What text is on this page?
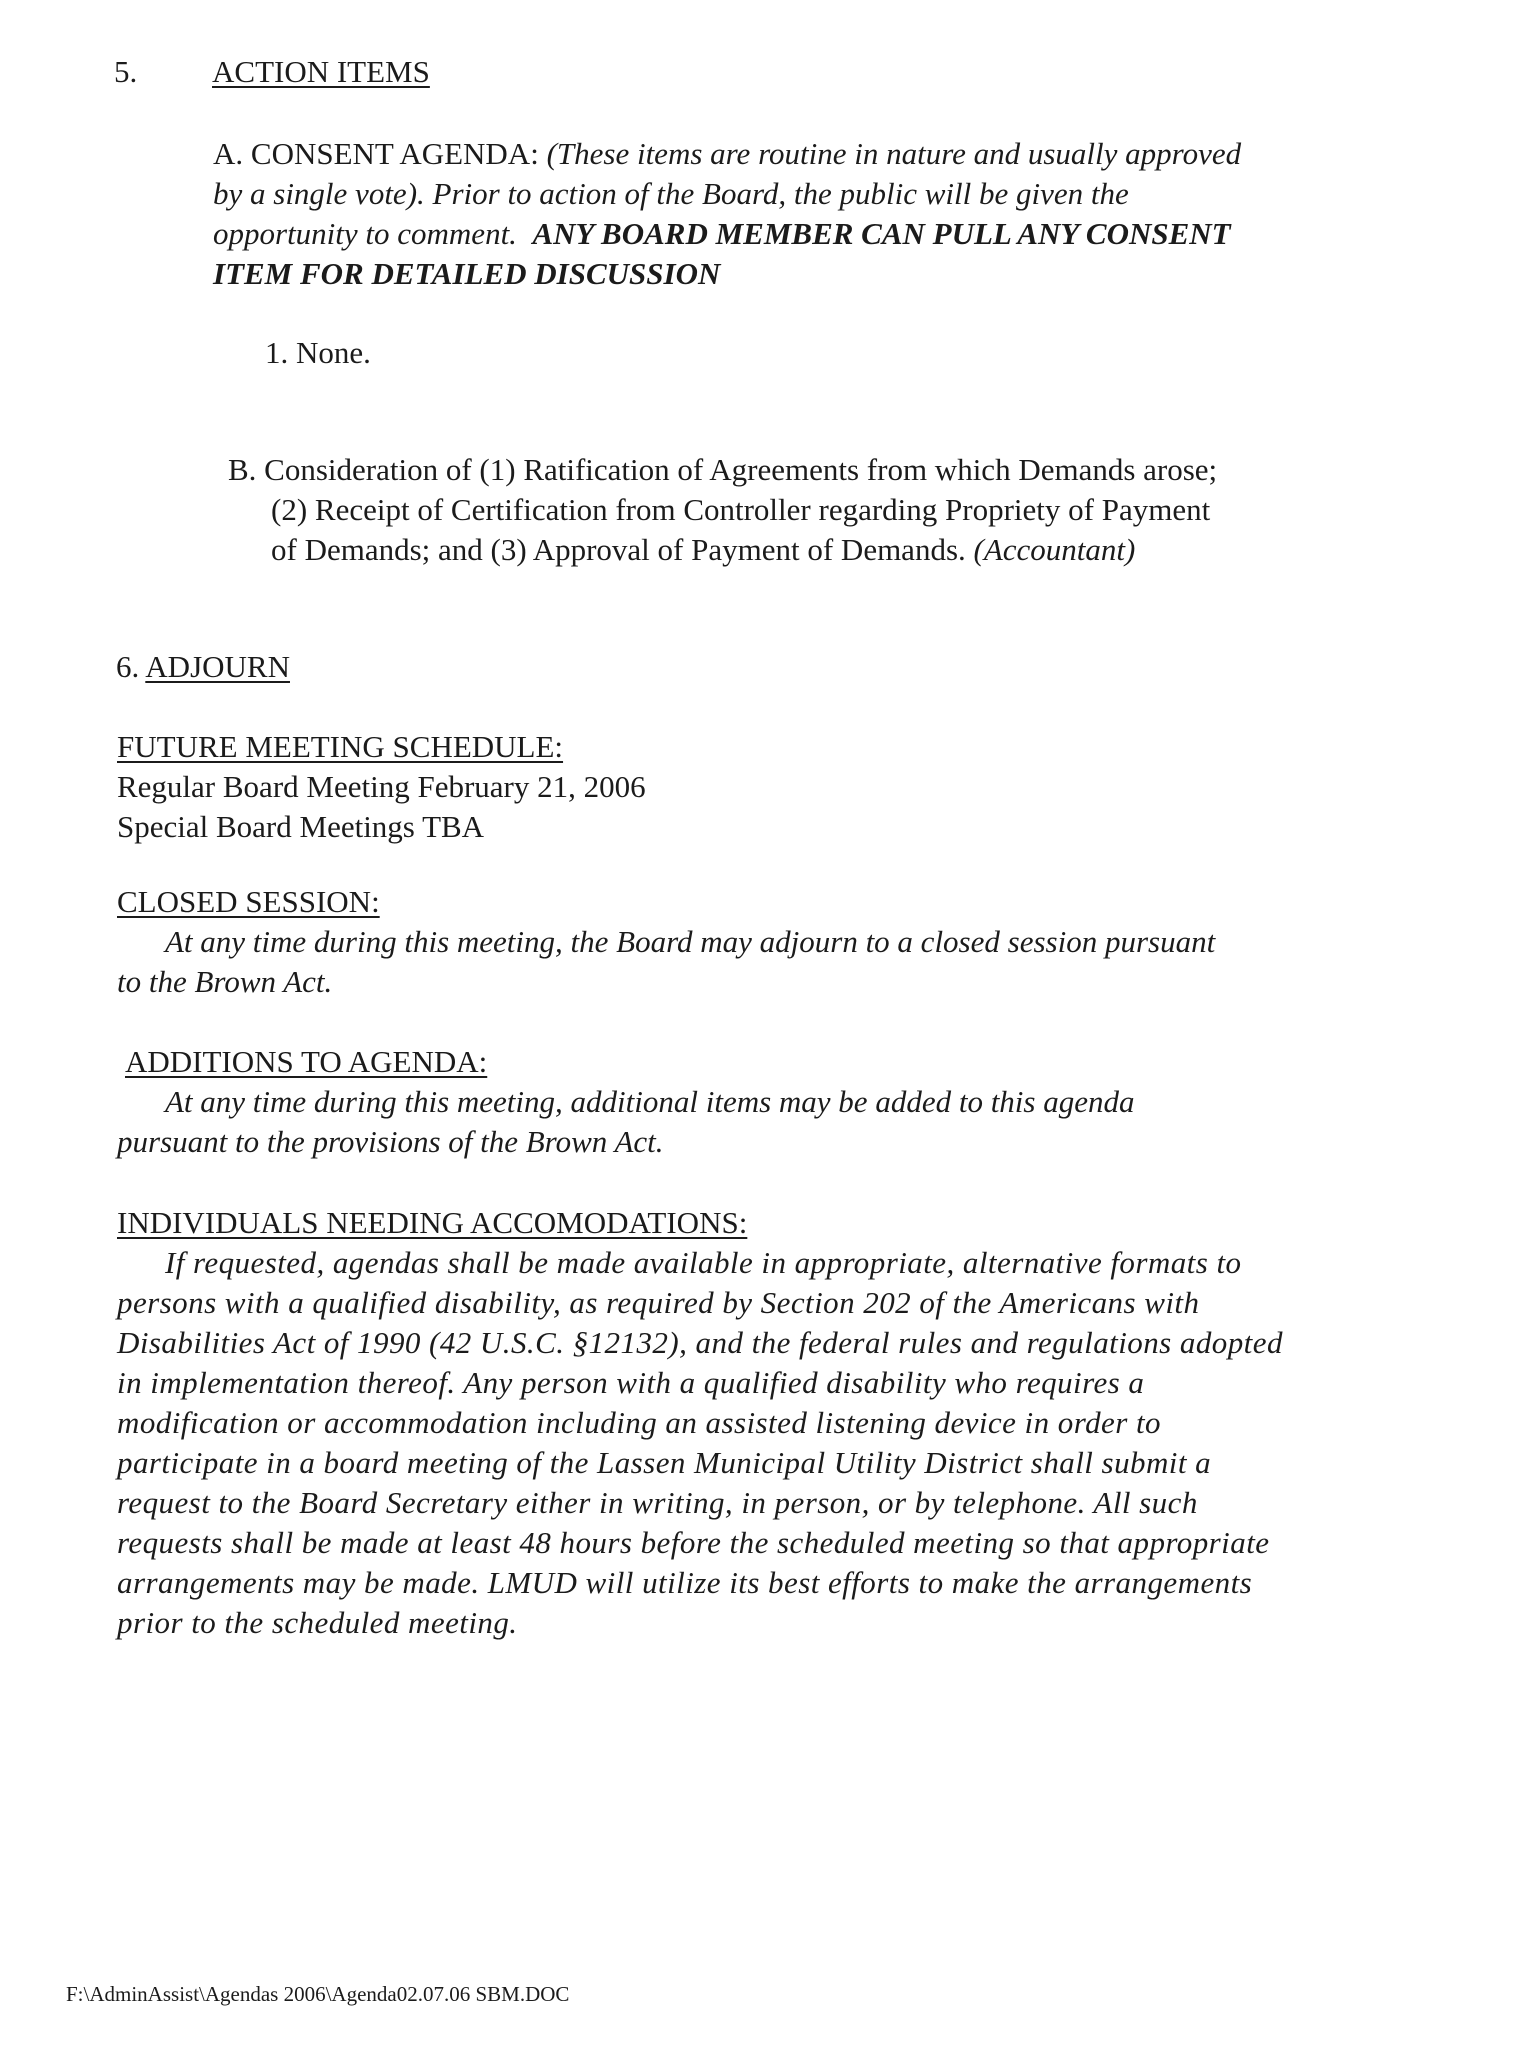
5. ACTION ITEMS
A. CONSENT AGENDA: (These items are routine in nature and usually approved
by a single vote). Prior to action of the Board, the public will be given the
opportunity to comment. ANY BOARD MEMBER CAN PULL ANY CONSENT
ITEM FOR DETAILED DISCUSSION
1. None.
B. Consideration of (1) Ratification of Agreements from which Demands arose;
(2) Receipt of Certification from Controller regarding Propriety of Payment
of Demands; and (3) Approval of Payment of Demands. (Accountant)
6. ADJOURN
FUTURE MEETING SCHEDULE:
Regular Board Meeting February 21, 2006
Special Board Meetings TBA
CLOSED SESSION:
At any time during this meeting, the Board may adjourn to a closed session pursuant
to the Brown Act.
ADDITIONS TO AGENDA:
At any time during this meeting, additional items may be added to this agenda
pursuant to the provisions of the Brown Act.
INDIVIDUALS NEEDING ACCOMODATIONS:
If requested, agendas shall be made available in appropriate, alternative formats to
persons with a qualified disability, as required by Section 202 of the Americans with
Disabilities Act of 1990 (42 U.S.C. §12132), and the federal rules and regulations adopted
in implementation thereof. Any person with a qualified disability who requires a
modification or accommodation including an assisted listening device in order to
participate in a board meeting of the Lassen Municipal Utility District shall submit a
request to the Board Secretary either in writing, in person, or by telephone. All such
requests shall be made at least 48 hours before the scheduled meeting so that appropriate
arrangements may be made. LMUD will utilize its best efforts to make the arrangements
prior to the scheduled meeting.
F:\AdminAssist\Agendas 2006\Agenda02.07.06 SBM.DOC
